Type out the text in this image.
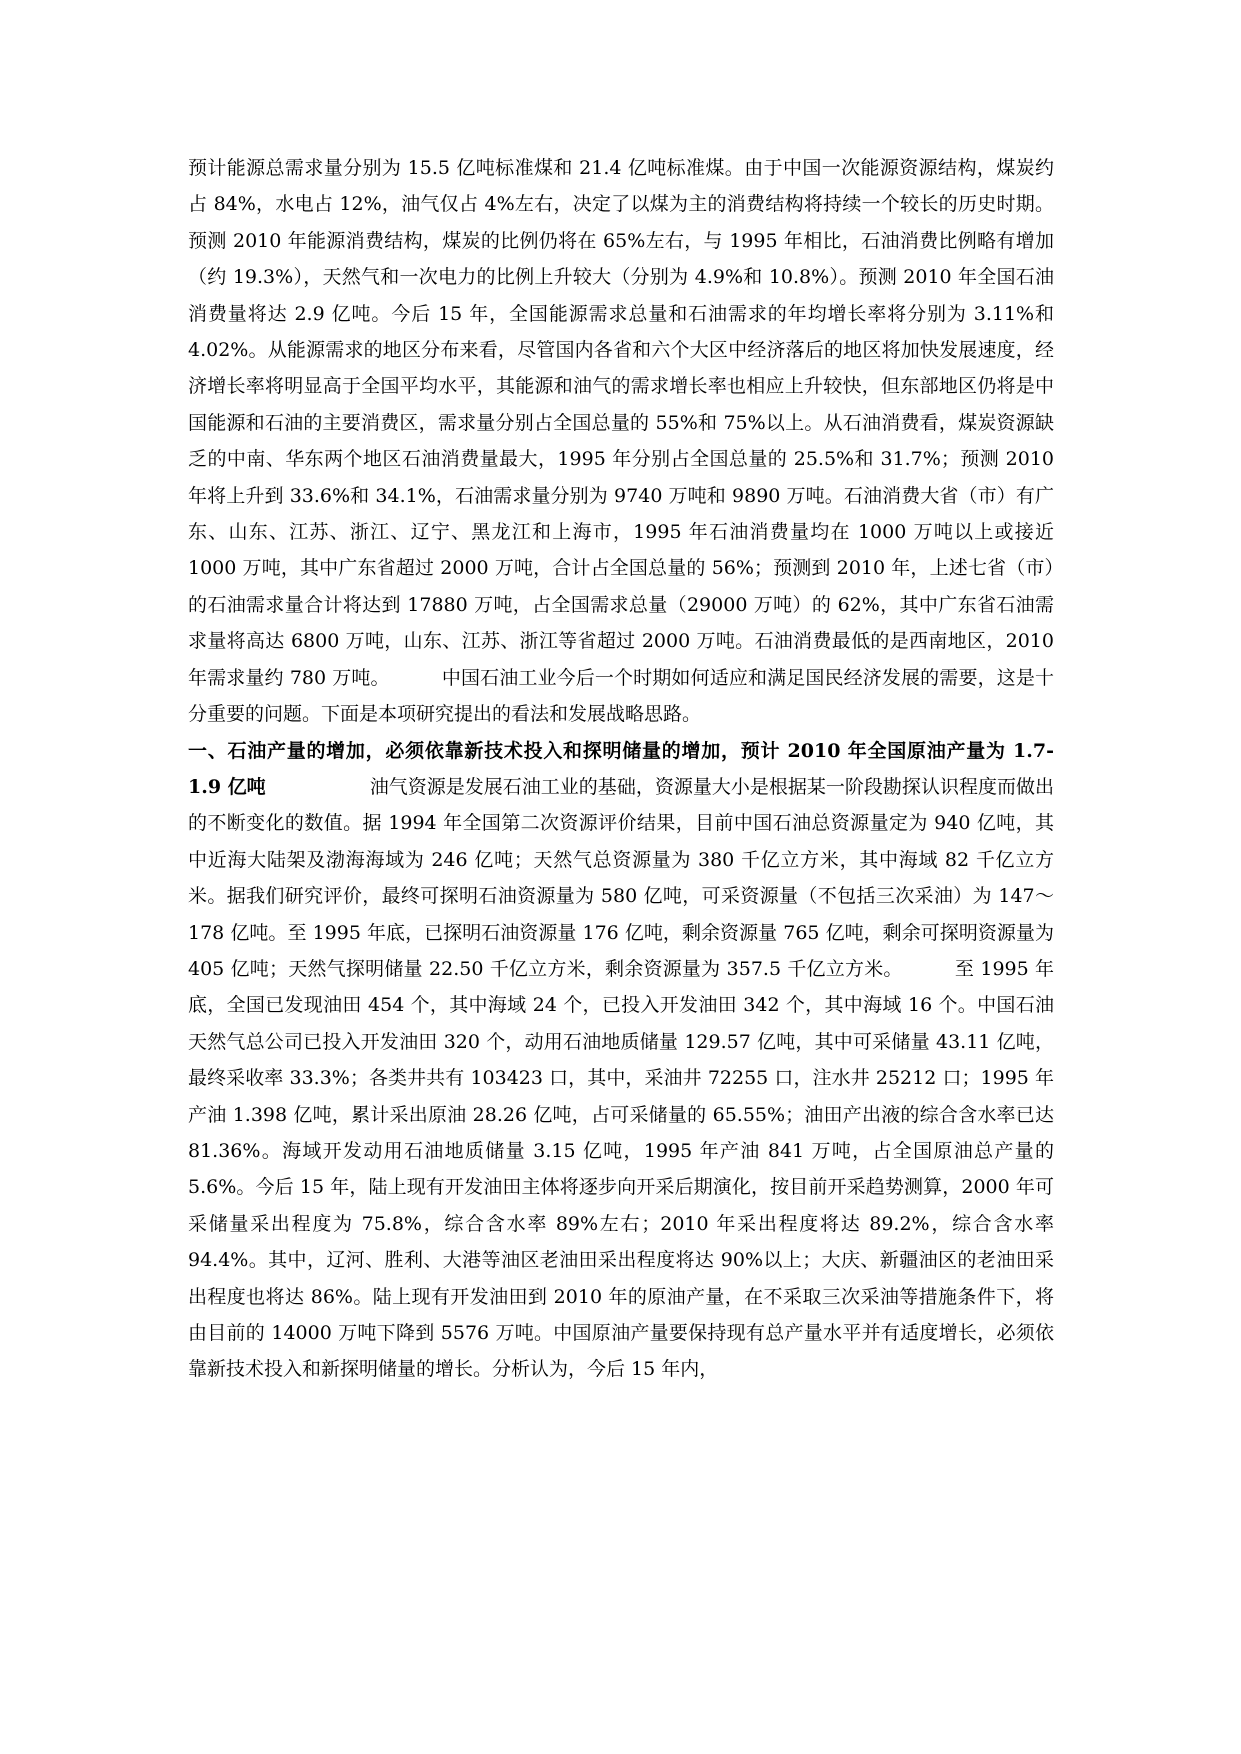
预计能源总需求量分别为 15.5 亿吨标准煤和 21.4 亿吨标准煤。由于中国一次能源资源结构，煤炭约占 84%，水电占 12%，油气仅占 4%左右，决定了以煤为主的消费结构将持续一个较长的历史时期。预测 2010 年能源消费结构，煤炭的比例仍将在 65%左右，与 1995 年相比，石油消费比例略有增加（约 19.3%），天然气和一次电力的比例上升较大（分别为 4.9%和 10.8%）。预测 2010 年全国石油消费量将达 2.9 亿吨。今后 15 年，全国能源需求总量和石油需求的年均增长率将分别为 3.11%和 4.02%。从能源需求的地区分布来看，尽管国内各省和六个大区中经济落后的地区将加快发展速度，经济增长率将明显高于全国平均水平，其能源和油气的需求增长率也相应上升较快，但东部地区仍将是中国能源和石油的主要消费区，需求量分别占全国总量的 55%和 75%以上。从石油消费看，煤炭资源缺乏的中南、华东两个地区石油消费量最大，1995 年分别占全国总量的 25.5%和 31.7%；预测 2010 年将上升到 33.6%和 34.1%，石油需求量分别为 9740 万吨和 9890 万吨。石油消费大省（市）有广东、山东、江苏、浙江、辽宁、黑龙江和上海市，1995 年石油消费量均在 1000 万吨以上或接近 1000 万吨，其中广东省超过 2000 万吨，合计占全国总量的 56%；预测到 2010 年，上述七省（市）的石油需求量合计将达到 17880 万吨，占全国需求总量（29000 万吨）的 62%，其中广东省石油需求量将高达 6800 万吨，山东、江苏、浙江等省超过 2000 万吨。石油消费最低的是西南地区，2010 年需求量约 780 万吨。	中国石油工业今后一个时期如何适应和满足国民经济发展的需要，这是十分重要的问题。下面是本项研究提出的看法和发展战略思路。

一、石油产量的增加，必须依靠新技术投入和探明储量的增加，预计 2010 年全国原油产量为 1.7-1.9 亿吨	油气资源是发展石油工业的基础，资源量大小是根据某一阶段勘探认识程度而做出的不断变化的数值。据 1994 年全国第二次资源评价结果，目前中国石油总资源量定为 940 亿吨，其中近海大陆架及渤海海域为 246 亿吨；天然气总资源量为 380 千亿立方米，其中海域 82 千亿立方米。据我们研究评价，最终可探明石油资源量为 580 亿吨，可采资源量（不包括三次采油）为 147～178 亿吨。至 1995 年底，已探明石油资源量 176 亿吨，剩余资源量 765 亿吨，剩余可探明资源量为 405 亿吨；天然气探明储量 22.50 千亿立方米，剩余资源量为 357.5 千亿立方米。	至 1995 年底，全国已发现油田 454 个，其中海域 24 个，已投入开发油田 342 个，其中海域 16 个。中国石油天然气总公司已投入开发油田 320 个，动用石油地质储量 129.57 亿吨，其中可采储量 43.11 亿吨，最终采收率 33.3%；各类井共有 103423 口，其中，采油井 72255 口，注水井 25212 口；1995 年产油 1.398 亿吨，累计采出原油 28.26 亿吨，占可采储量的 65.55%；油田产出液的综合含水率已达 81.36%。海域开发动用石油地质储量 3.15 亿吨，1995 年产油 841 万吨，占全国原油总产量的 5.6%。今后 15 年，陆上现有开发油田主体将逐步向开采后期演化，按目前开采趋势测算，2000 年可采储量采出程度为 75.8%，综合含水率 89%左右；2010 年采出程度将达 89.2%，综合含水率 94.4%。其中，辽河、胜利、大港等油区老油田采出程度将达 90%以上；大庆、新疆油区的老油田采出程度也将达 86%。陆上现有开发油田到 2010 年的原油产量，在不采取三次采油等措施条件下，将由目前的 14000 万吨下降到 5576 万吨。中国原油产量要保持现有总产量水平并有适度增长，必须依靠新技术投入和新探明储量的增长。分析认为，今后 15 年内，
